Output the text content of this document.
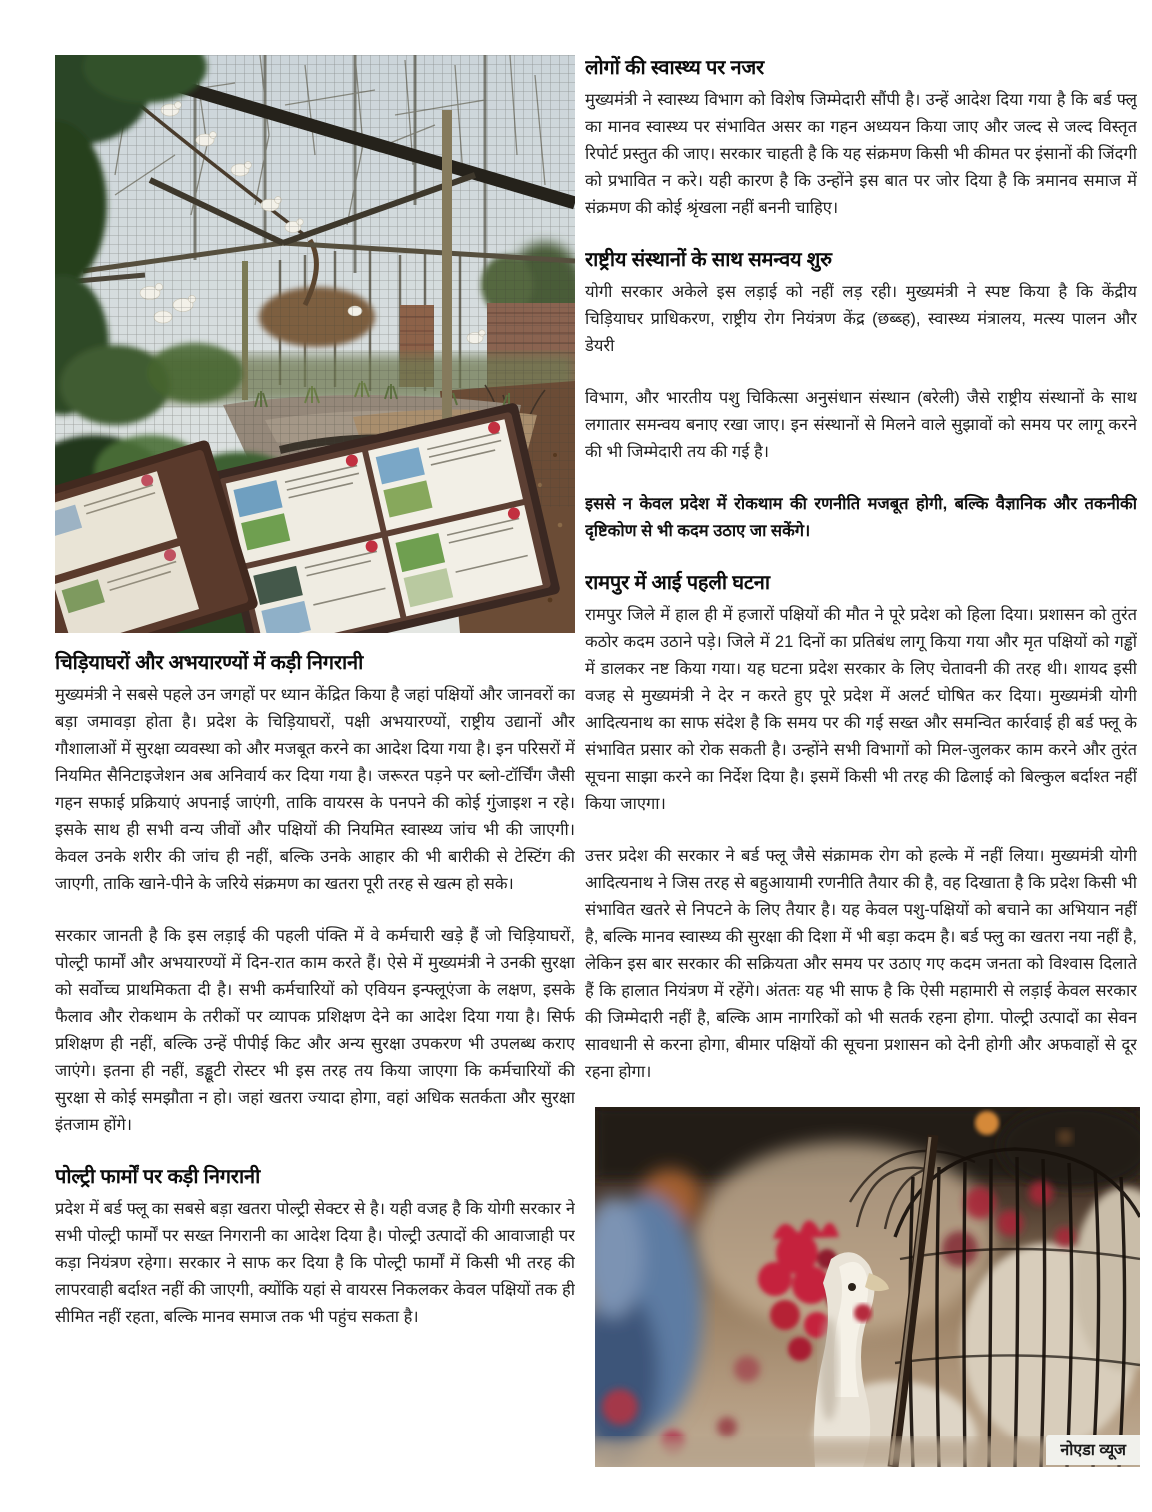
चिड़ियाघरों और अभयारण्यों में कड़ी निगरानी

मुख्यमंत्री ने सबसे पहले उन जगहों पर ध्यान केंद्रित किया है जहां पक्षियों और जानवरों का बड़ा जमावड़ा होता है। प्रदेश के चिड़ियाघरों, पक्षी अभयारण्यों, राष्ट्रीय उद्यानों और गौशालाओं में सुरक्षा व्यवस्था को और मजबूत करने का आदेश दिया गया है। इन परिसरों में नियमित सैनिटाइजेशन अब अनिवार्य कर दिया गया है। जरूरत पड़ने पर ब्लो-टॉर्चिंग जैसी गहन सफाई प्रक्रियाएं अपनाई जाएंगी, ताकि वायरस के पनपने की कोई गुंजाइश न रहे। इसके साथ ही सभी वन्य जीवों और पक्षियों की नियमित स्वास्थ्य जांच भी की जाएगी। केवल उनके शरीर की जांच ही नहीं, बल्कि उनके आहार की भी बारीकी से टेस्टिंग की जाएगी, ताकि खाने-पीने के जरिये संक्रमण का खतरा पूरी तरह से खत्म हो सके।

सरकार जानती है कि इस लड़ाई की पहली पंक्ति में वे कर्मचारी खड़े हैं जो चिड़ियाघरों, पोल्ट्री फार्मों और अभयारण्यों में दिन-रात काम करते हैं। ऐसे में मुख्यमंत्री ने उनकी सुरक्षा को सर्वोच्च प्राथमिकता दी है। सभी कर्मचारियों को एवियन इन्फ्लूएंजा के लक्षण, इसके फैलाव और रोकथाम के तरीकों पर व्यापक प्रशिक्षण देने का आदेश दिया गया है। सिर्फ प्रशिक्षण ही नहीं, बल्कि उन्हें पीपीई किट और अन्य सुरक्षा उपकरण भी उपलब्ध कराए जाएंगे। इतना ही नहीं, डड्ढूटी रोस्टर भी इस तरह तय किया जाएगा कि कर्मचारियों की सुरक्षा से कोई समझौता न हो। जहां खतरा ज्यादा होगा, वहां अधिक सतर्कता और सुरक्षा इंतजाम होंगे।

पोल्ट्री फार्मों पर कड़ी निगरानी

प्रदेश में बर्ड फ्लू का सबसे बड़ा खतरा पोल्ट्री सेक्टर से है। यही वजह है कि योगी सरकार ने सभी पोल्ट्री फार्मों पर सख्त निगरानी का आदेश दिया है। पोल्ट्री उत्पादों की आवाजाही पर कड़ा नियंत्रण रहेगा। सरकार ने साफ कर दिया है कि पोल्ट्री फार्मों में किसी भी तरह की लापरवाही बर्दाश्त नहीं की जाएगी, क्योंकि यहां से वायरस निकलकर केवल पक्षियों तक ही सीमित नहीं रहता, बल्कि मानव समाज तक भी पहुंच सकता है।

लोगों की स्वास्थ्य पर नजर

मुख्यमंत्री ने स्वास्थ्य विभाग को विशेष जिम्मेदारी सौंपी है। उन्हें आदेश दिया गया है कि बर्ड फ्लू का मानव स्वास्थ्य पर संभावित असर का गहन अध्ययन किया जाए और जल्द से जल्द विस्तृत रिपोर्ट प्रस्तुत की जाए। सरकार चाहती है कि यह संक्रमण किसी भी कीमत पर इंसानों की जिंदगी को प्रभावित न करे। यही कारण है कि उन्होंने इस बात पर जोर दिया है कि त्रमानव समाज में संक्रमण की कोई श्रृंखला नहीं बननी चाहिए।

राष्ट्रीय संस्थानों के साथ समन्वय शुरु

योगी सरकार अकेले इस लड़ाई को नहीं लड़ रही। मुख्यमंत्री ने स्पष्ट किया है कि केंद्रीय चिड़ियाघर प्राधिकरण, राष्ट्रीय रोग नियंत्रण केंद्र (छब्ब्ह), स्वास्थ्य मंत्रालय, मत्स्य पालन और डेयरी

विभाग, और भारतीय पशु चिकित्सा अनुसंधान संस्थान (बरेली) जैसे राष्ट्रीय संस्थानों के साथ लगातार समन्वय बनाए रखा जाए। इन संस्थानों से मिलने वाले सुझावों को समय पर लागू करने की भी जिम्मेदारी तय की गई है।

इससे न केवल प्रदेश में रोकथाम की रणनीति मजबूत होगी, बल्कि वैज्ञानिक और तकनीकी दृष्टिकोण से भी कदम उठाए जा सकेंगे।

रामपुर में आई पहली घटना

रामपुर जिले में हाल ही में हजारों पक्षियों की मौत ने पूरे प्रदेश को हिला दिया। प्रशासन को तुरंत कठोर कदम उठाने पड़े। जिले में 21 दिनों का प्रतिबंध लागू किया गया और मृत पक्षियों को गड्ढों में डालकर नष्ट किया गया। यह घटना प्रदेश सरकार के लिए चेतावनी की तरह थी। शायद इसी वजह से मुख्यमंत्री ने देर न करते हुए पूरे प्रदेश में अलर्ट घोषित कर दिया। मुख्यमंत्री योगी आदित्यनाथ का साफ संदेश है कि समय पर की गई सख्त और समन्वित कार्रवाई ही बर्ड फ्लू के संभावित प्रसार को रोक सकती है। उन्होंने सभी विभागों को मिल-जुलकर काम करने और तुरंत सूचना साझा करने का निर्देश दिया है। इसमें किसी भी तरह की ढिलाई को बिल्कुल बर्दाश्त नहीं किया जाएगा।

उत्तर प्रदेश की सरकार ने बर्ड फ्लू जैसे संक्रामक रोग को हल्के में नहीं लिया। मुख्यमंत्री योगी आदित्यनाथ ने जिस तरह से बहुआयामी रणनीति तैयार की है, वह दिखाता है कि प्रदेश किसी भी संभावित खतरे से निपटने के लिए तैयार है। यह केवल पशु-पक्षियों को बचाने का अभियान नहीं है, बल्कि मानव स्वास्थ्य की सुरक्षा की दिशा में भी बड़ा कदम है। बर्ड फ्लु का खतरा नया नहीं है, लेकिन इस बार सरकार की सक्रियता और समय पर उठाए गए कदम जनता को विश्वास दिलाते हैं कि हालात नियंत्रण में रहेंगे। अंततः यह भी साफ है कि ऐसी महामारी से लड़ाई केवल सरकार की जिम्मेदारी नहीं है, बल्कि आम नागरिकों को भी सतर्क रहना होगा. पोल्ट्री उत्पादों का सेवन सावधानी से करना होगा, बीमार पक्षियों की सूचना प्रशासन को देनी होगी और अफवाहों से दूर रहना होगा।

नोएडा व्यूज
